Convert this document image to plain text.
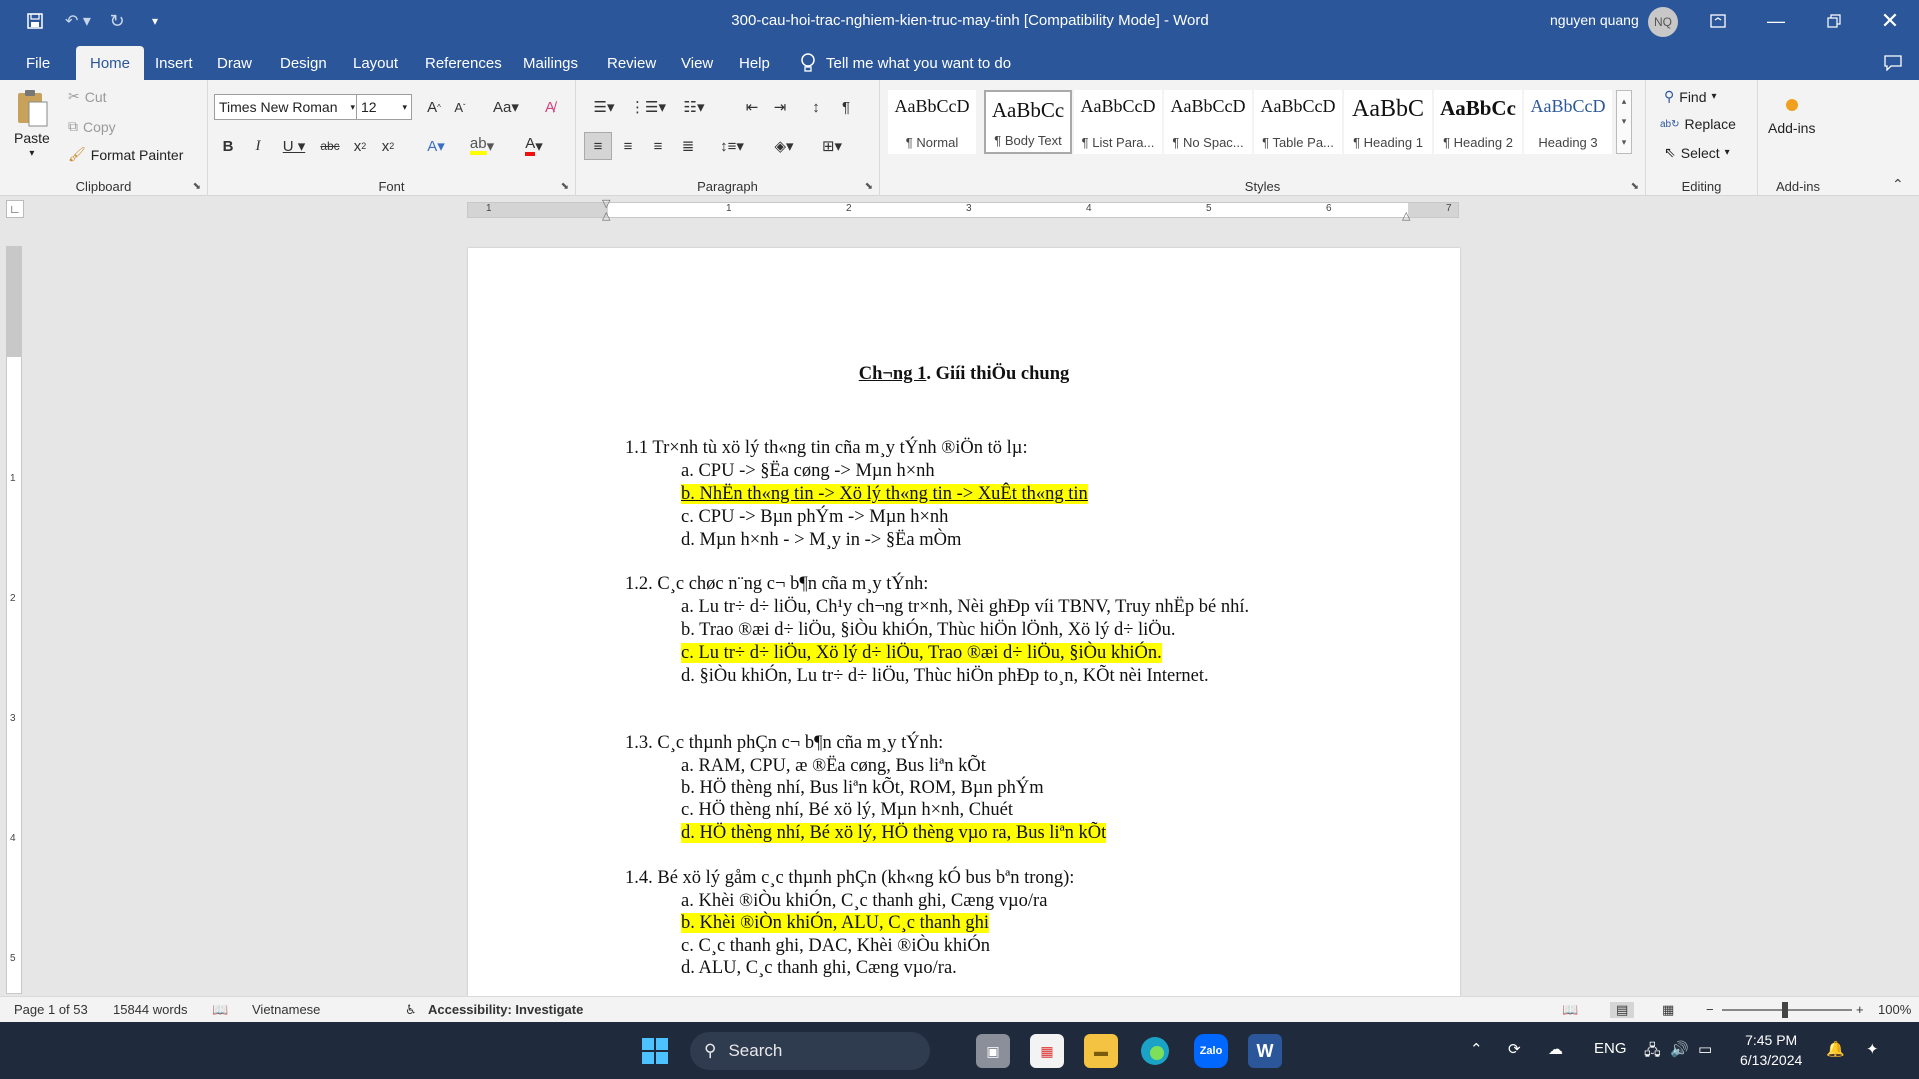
↶ ▾	↻	▾	300-cau-hoi-trac-nghiem-kien-truc-may-tinh [Compatibility Mode] - Word	nguyen quang	NQ	—	✕
File	Home	Insert	Draw	Design	Layout	References	Mailings	Review	View	Help	Tell me what you want to do
Paste
▾
✂ Cut
⧉ Copy
🖌 Format Painter
Clipboard	⬊
Times New Roman	▾ 12	▾	A ^	A ˇ	Aa▾	A̸
B	I	U ▾	abc x 2	x 2	A▾	ab ▾	A ▾
Font	⬊
☰▾	⋮☰▾	☷▾	⇤	⇥	↕	¶
≡	≡	≡	≣	↕≡▾	◈▾	⊞▾
Paragraph	⬊
AaBbCcD
¶ Normal
AaBbCc
¶ Body Text
AaBbCcD
¶ List Para...
AaBbCcD
¶ No Spac...
AaBbCcD
¶ Table Pa...
AaBbC
¶ Heading 1
AaBbCc
¶ Heading 2
AaBbCcD
Heading 3
▴
▾
▾
Styles	⬊
⚲ Find ▾
ab↻ Replace
⇖ Select ▾
Editing
Add-ins
Add-ins	⌃
∟	1	1	2	3	4	5	6	7
▽
△	△
1
2
3
4
5
Ch¬ng 1. Giíi thiÖu chung
1.1 Tr×nh tù xö lý th«ng tin cña m¸y tÝnh ®iÖn tö lµ:
a. CPU -> §Ëa cøng -> Mµn h×nh
b. NhËn th«ng tin -> Xö lý th«ng tin -> XuÊt th«ng tin
c. CPU -> Bµn phÝm -> Mµn h×nh
d. Mµn h×nh - > M¸y in -> §Ëa mÒm
1.2. C¸c chøc n¨ng c¬ b¶n cña m¸y tÝnh:
a. Lu tr÷ d÷ liÖu, Ch¹y ch¬ng tr×nh, Nèi ghÐp víi TBNV, Truy nhËp bé nhí.
b. Trao ®æi d÷ liÖu, §iÒu khiÓn, Thùc hiÖn lÖnh, Xö lý d÷ liÖu.
c. Lu tr÷ d÷ liÖu, Xö lý d÷ liÖu, Trao ®æi d÷ liÖu, §iÒu khiÓn.
d. §iÒu khiÓn, Lu tr÷ d÷ liÖu, Thùc hiÖn phÐp to¸n, KÕt nèi Internet.
1.3. C¸c thµnh phÇn c¬ b¶n cña m¸y tÝnh:
a. RAM, CPU, æ ®Ëa cøng, Bus liªn kÕt
b. HÖ thèng nhí, Bus liªn kÕt, ROM, Bµn phÝm
c. HÖ thèng nhí, Bé xö lý, Mµn h×nh, Chuét
d. HÖ thèng nhí, Bé xö lý, HÖ thèng vµo ra, Bus liªn kÕt
1.4. Bé xö lý gåm c¸c thµnh phÇn (kh«ng kÓ bus bªn trong):
a. Khèi ®iÒu khiÓn, C¸c thanh ghi, Cæng vµo/ra
b. Khèi ®iÒn khiÓn, ALU, C¸c thanh ghi
c. C¸c thanh ghi, DAC, Khèi ®iÒu khiÓn
d. ALU, C¸c thanh ghi, Cæng vµo/ra.
Page 1 of 53 15844 words 📖 Vietnamese	♿ Accessibility: Investigate	📖	▤	▦ −	+ 100%
⚲ Search	▣	▦	▬	Zalo	W	⌃ ⟳ ☁ ENG 🖧 🔊 ▭
7:45 PM
6/13/2024
🔔 ✦
